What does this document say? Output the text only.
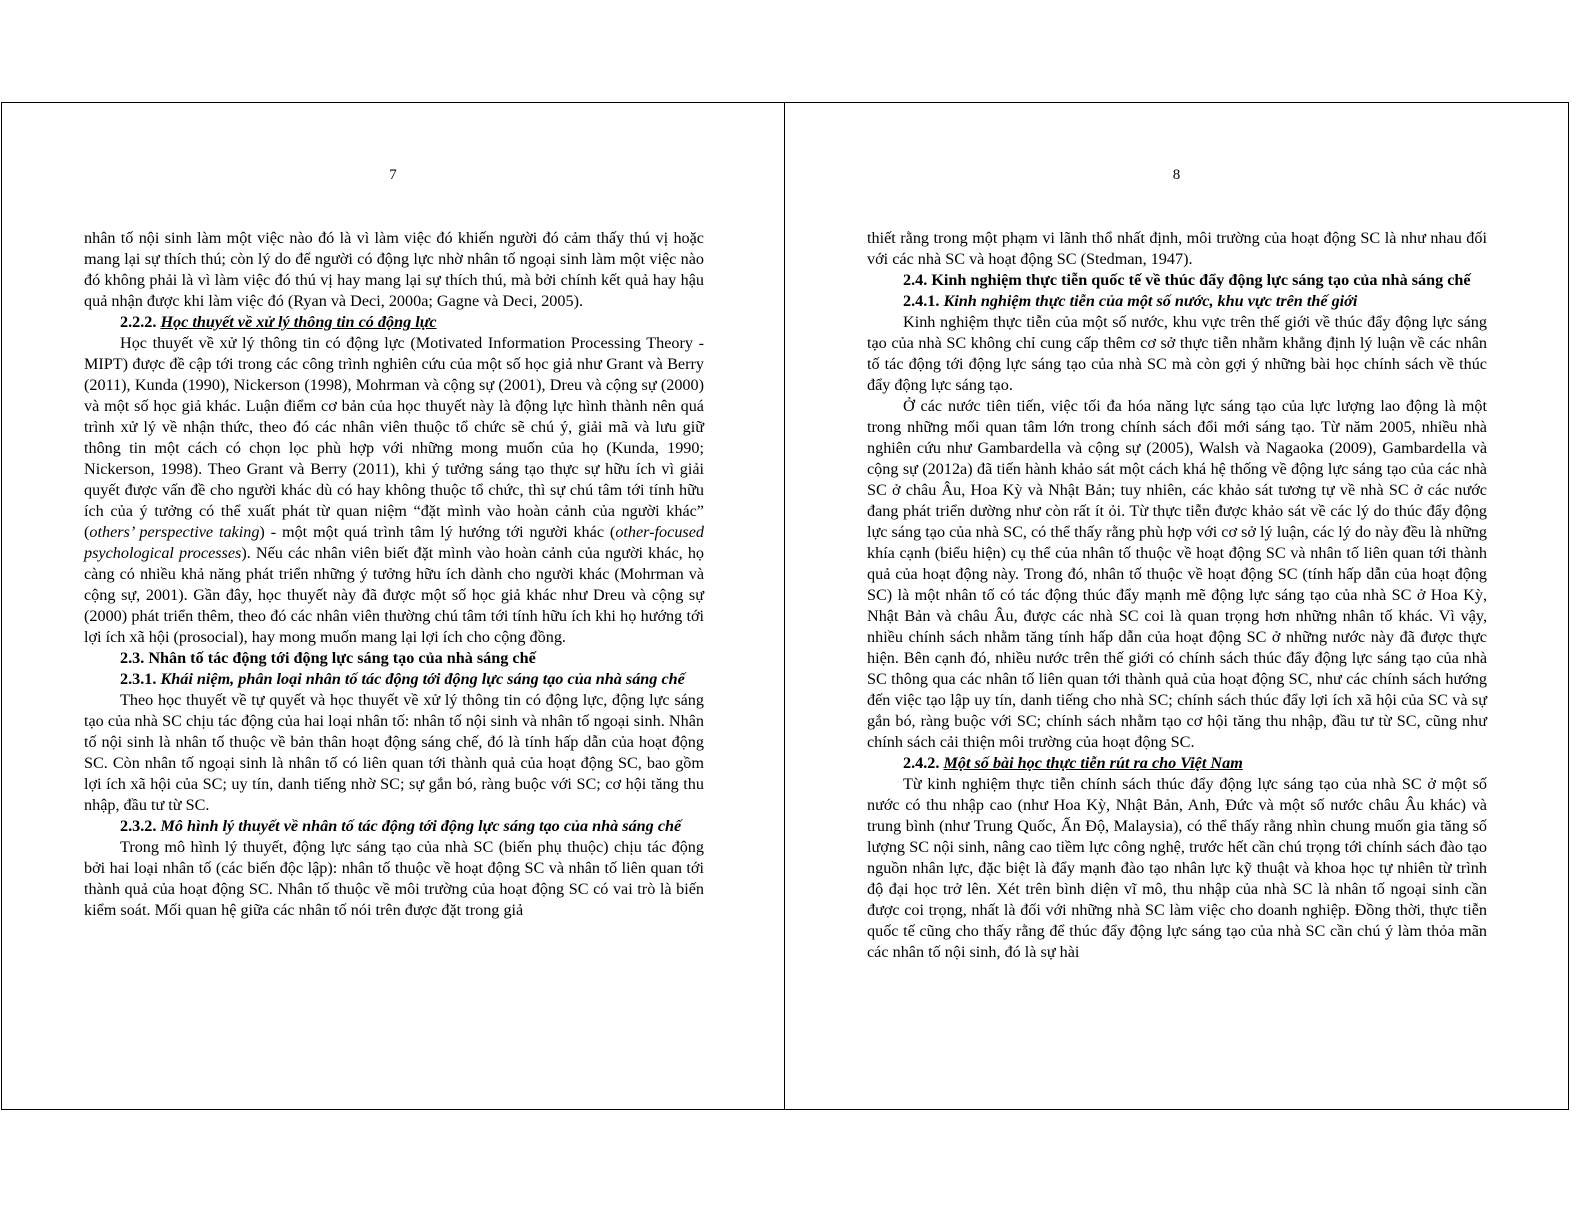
7

nhân tố nội sinh làm một việc nào đó là vì làm việc đó khiến người đó cảm thấy thú vị hoặc mang lại sự thích thú; còn lý do để người có động lực nhờ nhân tố ngoại sinh làm một việc nào đó không phải là vì làm việc đó thú vị hay mang lại sự thích thú, mà bởi chính kết quả hay hậu quả nhận được khi làm việc đó (Ryan và Deci, 2000a; Gagne và Deci, 2005).

2.2.2. Học thuyết về xử lý thông tin có động lực

Học thuyết về xử lý thông tin có động lực (Motivated Information Processing Theory - MIPT) được đề cập tới trong các công trình nghiên cứu của một số học giả như Grant và Berry (2011), Kunda (1990), Nickerson (1998), Mohrman và cộng sự (2001), Dreu và cộng sự (2000) và một số học giả khác. Luận điểm cơ bản của học thuyết này là động lực hình thành nên quá trình xử lý về nhận thức, theo đó các nhân viên thuộc tổ chức sẽ chú ý, giải mã và lưu giữ thông tin một cách có chọn lọc phù hợp với những mong muốn của họ (Kunda, 1990; Nickerson, 1998). Theo Grant và Berry (2011), khi ý tưởng sáng tạo thực sự hữu ích vì giải quyết được vấn đề cho người khác dù có hay không thuộc tổ chức, thì sự chú tâm tới tính hữu ích của ý tưởng có thể xuất phát từ quan niệm “đặt mình vào hoàn cảnh của người khác” (others’ perspective taking) - một một quá trình tâm lý hướng tới người khác (other-focused psychological processes). Nếu các nhân viên biết đặt mình vào hoàn cảnh của người khác, họ càng có nhiều khả năng phát triển những ý tưởng hữu ích dành cho người khác (Mohrman và cộng sự, 2001). Gần đây, học thuyết này đã được một số học giả khác như Dreu và cộng sự (2000) phát triển thêm, theo đó các nhân viên thường chú tâm tới tính hữu ích khi họ hướng tới lợi ích xã hội (prosocial), hay mong muốn mang lại lợi ích cho cộng đồng.

2.3. Nhân tố tác động tới động lực sáng tạo của nhà sáng chế
2.3.1. Khái niệm, phân loại nhân tố tác động tới động lực sáng tạo của nhà sáng chế

Theo học thuyết về tự quyết và học thuyết về xử lý thông tin có động lực, động lực sáng tạo của nhà SC chịu tác động của hai loại nhân tố: nhân tố nội sinh và nhân tố ngoại sinh. Nhân tố nội sinh là nhân tố thuộc về bản thân hoạt động sáng chế, đó là tính hấp dẫn của hoạt động SC. Còn nhân tố ngoại sinh là nhân tố có liên quan tới thành quả của hoạt động SC, bao gồm lợi ích xã hội của SC; uy tín, danh tiếng nhờ SC; sự gắn bó, ràng buộc với SC; cơ hội tăng thu nhập, đầu tư từ SC.

2.3.2. Mô hình lý thuyết về nhân tố tác động tới động lực sáng tạo của nhà sáng chế

Trong mô hình lý thuyết, động lực sáng tạo của nhà SC (biến phụ thuộc) chịu tác động bởi hai loại nhân tố (các biến độc lập): nhân tố thuộc về hoạt động SC và nhân tố liên quan tới thành quả của hoạt động SC. Nhân tố thuộc về môi trường của hoạt động SC có vai trò là biến kiểm soát. Mối quan hệ giữa các nhân tố nói trên được đặt trong giả

8

thiết rằng trong một phạm vi lãnh thổ nhất định, môi trường của hoạt động SC là như nhau đối với các nhà SC và hoạt động SC (Stedman, 1947).

2.4. Kinh nghiệm thực tiễn quốc tế về thúc đẩy động lực sáng tạo của nhà sáng chế
2.4.1. Kinh nghiệm thực tiễn của một số nước, khu vực trên thế giới

Kinh nghiệm thực tiễn của một số nước, khu vực trên thế giới về thúc đẩy động lực sáng tạo của nhà SC không chỉ cung cấp thêm cơ sở thực tiễn nhằm khẳng định lý luận về các nhân tố tác động tới động lực sáng tạo của nhà SC mà còn gợi ý những bài học chính sách về thúc đẩy động lực sáng tạo.

Ở các nước tiên tiến, việc tối đa hóa năng lực sáng tạo của lực lượng lao động là một trong những mối quan tâm lớn trong chính sách đổi mới sáng tạo. Từ năm 2005, nhiều nhà nghiên cứu như Gambardella và cộng sự (2005), Walsh và Nagaoka (2009), Gambardella và cộng sự (2012a) đã tiến hành khảo sát một cách khá hệ thống về động lực sáng tạo của các nhà SC ở châu Âu, Hoa Kỳ và Nhật Bản; tuy nhiên, các khảo sát tương tự về nhà SC ở các nước đang phát triển dường như còn rất ít ỏi. Từ thực tiễn được khảo sát về các lý do thúc đẩy động lực sáng tạo của nhà SC, có thể thấy rằng phù hợp với cơ sở lý luận, các lý do này đều là những khía cạnh (biểu hiện) cụ thể của nhân tố thuộc về hoạt động SC và nhân tố liên quan tới thành quả của hoạt động này. Trong đó, nhân tố thuộc về hoạt động SC (tính hấp dẫn của hoạt động SC) là một nhân tố có tác động thúc đẩy mạnh mẽ động lực sáng tạo của nhà SC ở Hoa Kỳ, Nhật Bản và châu Âu, được các nhà SC coi là quan trọng hơn những nhân tố khác. Vì vậy, nhiều chính sách nhằm tăng tính hấp dẫn của hoạt động SC ở những nước này đã được thực hiện. Bên cạnh đó, nhiều nước trên thế giới có chính sách thúc đẩy động lực sáng tạo của nhà SC thông qua các nhân tố liên quan tới thành quả của hoạt động SC, như các chính sách hướng đến việc tạo lập uy tín, danh tiếng cho nhà SC; chính sách thúc đẩy lợi ích xã hội của SC và sự gắn bó, ràng buộc với SC; chính sách nhằm tạo cơ hội tăng thu nhập, đầu tư từ SC, cũng như chính sách cải thiện môi trường của hoạt động SC.

2.4.2. Một số bài học thực tiễn rút ra cho Việt Nam

Từ kinh nghiệm thực tiễn chính sách thúc đẩy động lực sáng tạo của nhà SC ở một số nước có thu nhập cao (như Hoa Kỳ, Nhật Bản, Anh, Đức và một số nước châu Âu khác) và trung bình (như Trung Quốc, Ấn Độ, Malaysia), có thể thấy rằng nhìn chung muốn gia tăng số lượng SC nội sinh, nâng cao tiềm lực công nghệ, trước hết cần chú trọng tới chính sách đào tạo nguồn nhân lực, đặc biệt là đẩy mạnh đào tạo nhân lực kỹ thuật và khoa học tự nhiên từ trình độ đại học trở lên. Xét trên bình diện vĩ mô, thu nhập của nhà SC là nhân tố ngoại sinh cần được coi trọng, nhất là đối với những nhà SC làm việc cho doanh nghiệp. Đồng thời, thực tiễn quốc tế cũng cho thấy rằng để thúc đẩy động lực sáng tạo của nhà SC cần chú ý làm thỏa mãn các nhân tố nội sinh, đó là sự hài
